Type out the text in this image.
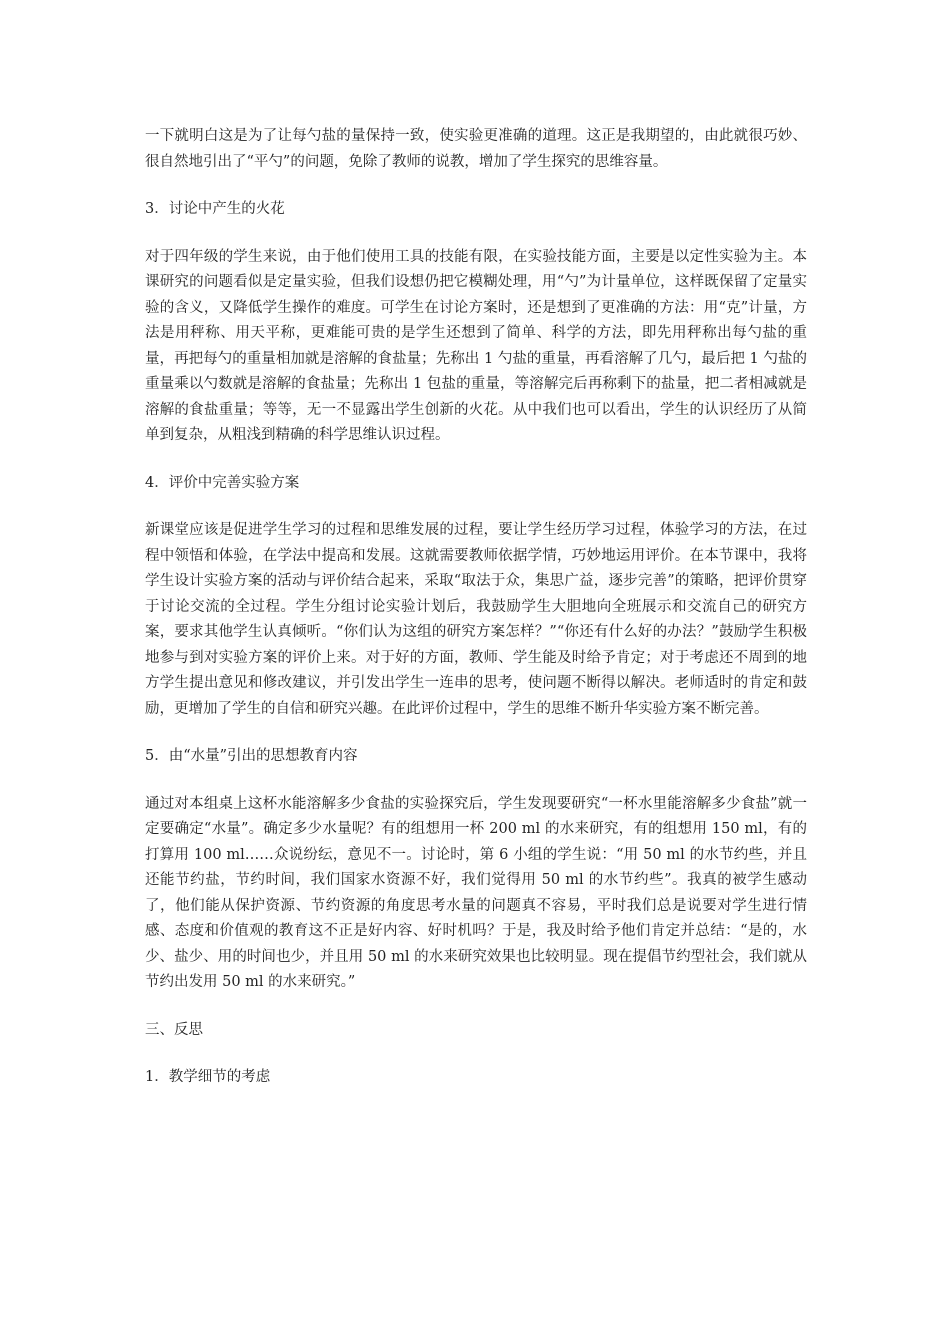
一下就明白这是为了让每勺盐的量保持一致，使实验更准确的道理。这正是我期望的，由此就很巧妙、很自然地引出了“平勺”的问题，免除了教师的说教，增加了学生探究的思维容量。

3．讨论中产生的火花

对于四年级的学生来说，由于他们使用工具的技能有限，在实验技能方面，主要是以定性实验为主。本课研究的问题看似是定量实验，但我们设想仍把它模糊处理，用“勺”为计量单位，这样既保留了定量实验的含义，又降低学生操作的难度。可学生在讨论方案时，还是想到了更准确的方法：用“克”计量，方法是用秤称、用天平称，更难能可贵的是学生还想到了简单、科学的方法，即先用秤称出每勺盐的重量，再把每勺的重量相加就是溶解的食盐量；先称出 1 勺盐的重量，再看溶解了几勺，最后把 1 勺盐的重量乘以勺数就是溶解的食盐量；先称出 1 包盐的重量，等溶解完后再称剩下的盐量，把二者相减就是溶解的食盐重量；等等，无一不显露出学生创新的火花。从中我们也可以看出，学生的认识经历了从简单到复杂，从粗浅到精确的科学思维认识过程。

4．评价中完善实验方案

新课堂应该是促进学生学习的过程和思维发展的过程，要让学生经历学习过程，体验学习的方法，在过程中领悟和体验，在学法中提高和发展。这就需要教师依据学情，巧妙地运用评价。在本节课中，我将学生设计实验方案的活动与评价结合起来，采取“取法于众，集思广益，逐步完善”的策略，把评价贯穿于讨论交流的全过程。学生分组讨论实验计划后，我鼓励学生大胆地向全班展示和交流自己的研究方案，要求其他学生认真倾听。“你们认为这组的研究方案怎样？”“你还有什么好的办法？”鼓励学生积极地参与到对实验方案的评价上来。对于好的方面，教师、学生能及时给予肯定；对于考虑还不周到的地方学生提出意见和修改建议，并引发出学生一连串的思考，使问题不断得以解决。老师适时的肯定和鼓励，更增加了学生的自信和研究兴趣。在此评价过程中，学生的思维不断升华实验方案不断完善。

5．由“水量”引出的思想教育内容

通过对本组桌上这杯水能溶解多少食盐的实验探究后，学生发现要研究“一杯水里能溶解多少食盐”就一定要确定“水量”。确定多少水量呢？有的组想用一杯 200 ml 的水来研究，有的组想用 150 ml，有的打算用 100 ml……众说纷纭，意见不一。讨论时，第 6 小组的学生说：“用 50 ml 的水节约些，并且还能节约盐，节约时间，我们国家水资源不好，我们觉得用 50 ml 的水节约些”。我真的被学生感动了，他们能从保护资源、节约资源的角度思考水量的问题真不容易，平时我们总是说要对学生进行情感、态度和价值观的教育这不正是好内容、好时机吗？于是，我及时给予他们肯定并总结：“是的，水少、盐少、用的时间也少，并且用 50 ml 的水来研究效果也比较明显。现在提倡节约型社会，我们就从节约出发用 50 ml 的水来研究。”

三、反思

1．教学细节的考虑
